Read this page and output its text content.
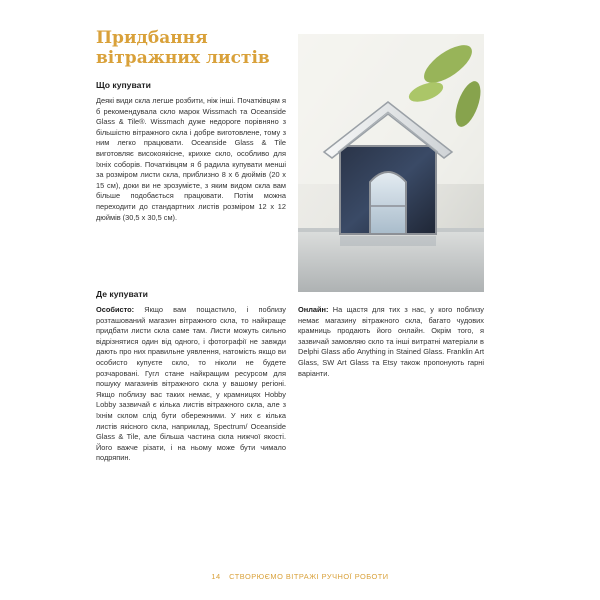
Придбання вітражних листів
Що купувати

Деякі види скла легше розбити, ніж інші. Початківцям я б рекомендувала скло марок Wissmach та Oceanside Glass & Tile®. Wissmach дуже недороге порівняно з більшістю вітражного скла і добре виготовлене, тому з ним легко працювати. Oceanside Glass & Tile виготовляє високоякісне, крихке скло, особливо для їхніх соборів. Початківцям я б радила купувати менші за розміром листи скла, приблизно 8 х 6 дюймів (20 х 15 см), доки ви не зрозумієте, з яким видом скла вам більше подобається працювати. Потім можна переходити до стандартних листів розміром 12 х 12 дюймів (30,5 х 30,5 см).

Де купувати

Особисто: Якщо вам пощастило, і поблизу розташований магазин вітражного скла, то найкраще придбати листи скла саме там. Листи можуть сильно відрізнятися один від одного, і фотографії не завжди дають про них правильне уявлення, натомість якщо ви особисто купуєте скло, то ніколи не будете розчаровані. Гугл стане найкращим ресурсом для пошуку магазинів вітражного скла у вашому регіоні. Якщо поблизу вас таких немає, у крамницях Hobby Lobby зазвичай є кілька листів вітражного скла, але з їхнім склом слід бути обережними. У них є кілька листів якісного скла, наприклад, Spectrum/ Oceanside Glass & Tile, але більша частина скла нижчої якості. Його важче різати, і на ньому може бути чимало подряпин.

Онлайн: На щастя для тих з нас, у кого поблизу немає магазину вітражного скла, багато чудових крамниць продають його онлайн. Окрім того, я зазвичай замовляю скло та інші витратні матеріали в Delphi Glass або Anything in Stained Glass. Franklin Art Glass, SW Art Glass та Etsy також пропонують гарні варіанти.

14 СТВОРЮЄМО ВІТРАЖІ РУЧНОЇ РОБОТИ
